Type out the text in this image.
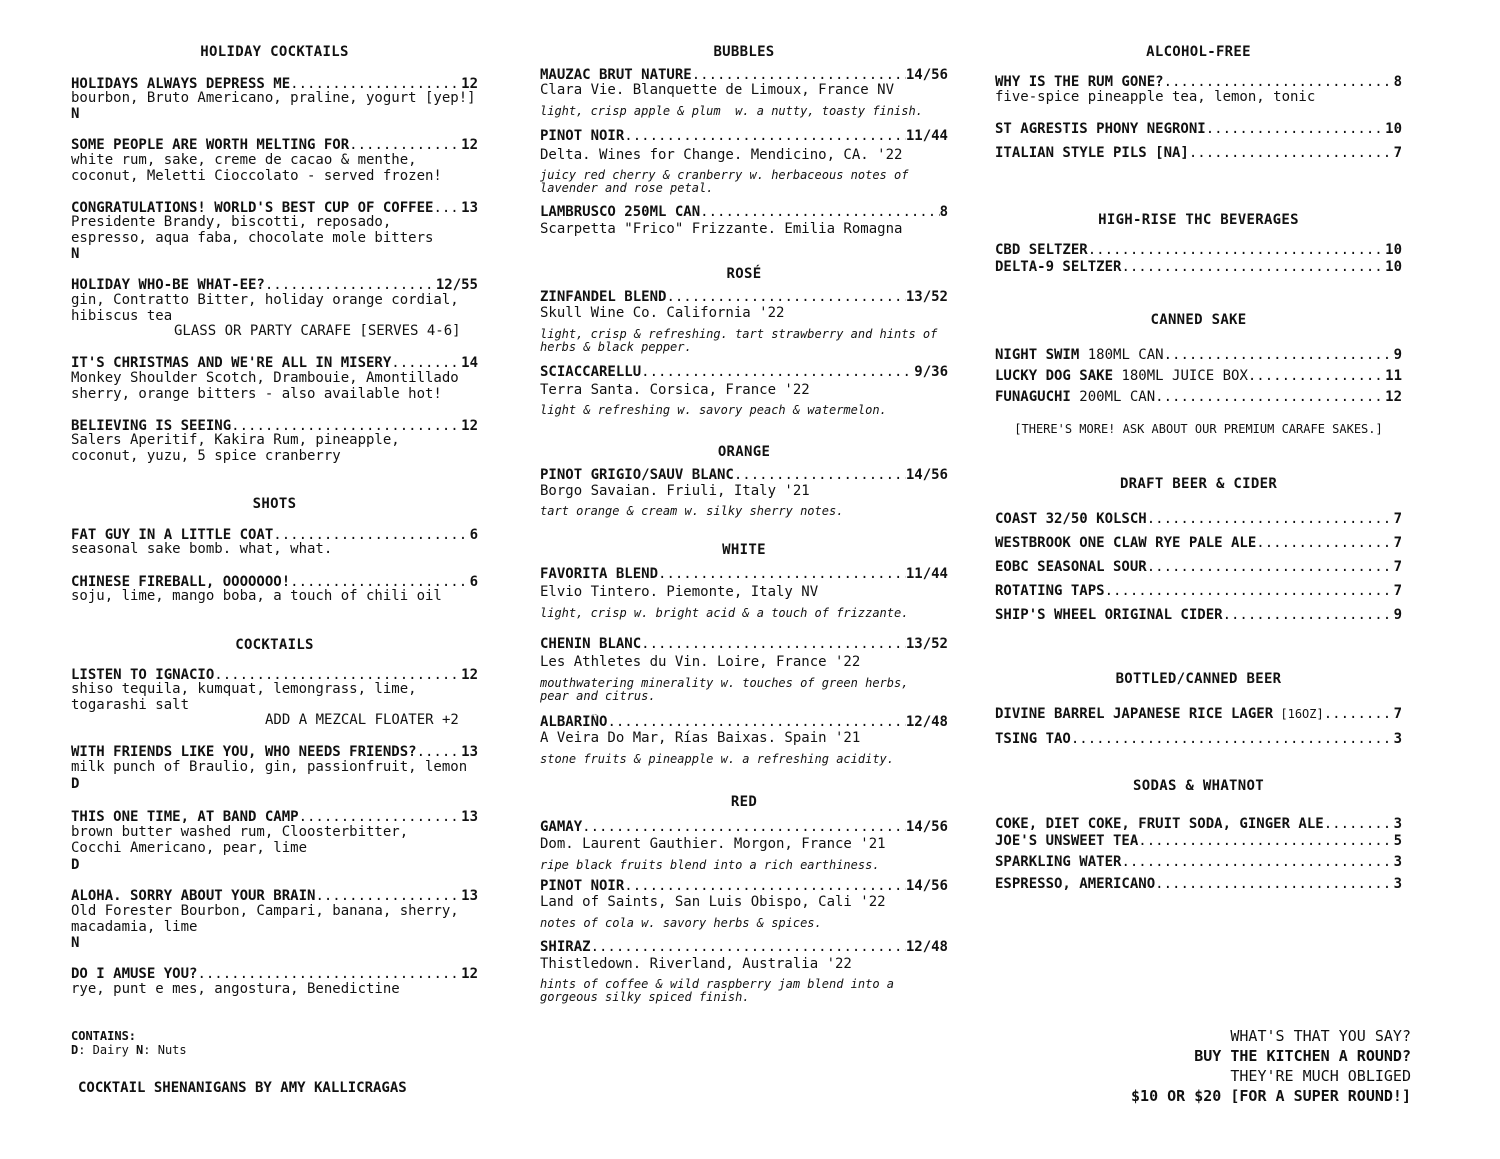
HOLIDAY COCKTAILS
HOLIDAYS ALWAYS DEPRESS ME .....	12
bourbon, Bruto Americano, praline, yogurt [yep!]
N
SOME PEOPLE ARE WORTH MELTING FOR .....	12
white rum, sake, creme de cacao & menthe,
coconut, Meletti Cioccolato - served frozen!
CONGRATULATIONS! WORLD'S BEST CUP OF COFFEE ..... 13
Presidente Brandy, biscotti, reposado,
espresso, aqua faba, chocolate mole bitters
N
HOLIDAY WHO-BE WHAT-EE? .....	12/55
gin, Contratto Bitter, holiday orange cordial,
hibiscus tea
GLASS OR PARTY CARAFE [SERVES 4-6]
IT'S CHRISTMAS AND WE'RE ALL IN MISERY .....	14
Monkey Shoulder Scotch, Drambouie, Amontillado
sherry, orange bitters - also available hot!
BELIEVING IS SEEING .....	12
Salers Aperitif, Kakira Rum, pineapple,
coconut, yuzu, 5 spice cranberry
SHOTS
FAT GUY IN A LITTLE COAT .....	6
seasonal sake bomb. what, what.
CHINESE FIREBALL, OOOOOOO! .....	6
soju, lime, mango boba, a touch of chili oil
COCKTAILS
LISTEN TO IGNACIO .....	12
shiso tequila, kumquat, lemongrass, lime,
togarashi salt
ADD A MEZCAL FLOATER +2
WITH FRIENDS LIKE YOU, WHO NEEDS FRIENDS? .....	13
milk punch of Braulio, gin, passionfruit, lemon
D
THIS ONE TIME, AT BAND CAMP .....	13
brown butter washed rum, Cloosterbitter,
Cocchi Americano, pear, lime
D
ALOHA. SORRY ABOUT YOUR BRAIN .....	13
Old Forester Bourbon, Campari, banana, sherry,
macadamia, lime
N
DO I AMUSE YOU? .....	12
rye, punt e mes, angostura, Benedictine
CONTAINS:
D: Dairy N: Nuts
COCKTAIL SHENANIGANS BY AMY KALLICRAGAS
BUBBLES
MAUZAC BRUT NATURE .....	14/56
Clara Vie. Blanquette de Limoux, France NV
light, crisp apple & plum  w. a nutty, toasty finish.
PINOT NOIR .....	11/44
Delta. Wines for Change. Mendicino, CA. '22
juicy red cherry & cranberry w. herbaceous notes of
lavender and rose petal.
LAMBRUSCO 250ML CAN .....	8
Scarpetta "Frico" Frizzante. Emilia Romagna
ROSÉ
ZINFANDEL BLEND .....	13/52
Skull Wine Co. California '22
light, crisp & refreshing. tart strawberry and hints of
herbs & black pepper.
SCIACCARELLU .....	9/36
Terra Santa. Corsica, France '22
light & refreshing w. savory peach & watermelon.
ORANGE
PINOT GRIGIO/SAUV BLANC .....	14/56
Borgo Savaian. Friuli, Italy '21
tart orange & cream w. silky sherry notes.
WHITE
FAVORITA BLEND .....	11/44
Elvio Tintero. Piemonte, Italy NV
light, crisp w. bright acid & a touch of frizzante.
CHENIN BLANC .....	13/52
Les Athletes du Vin. Loire, France '22
mouthwatering minerality w. touches of green herbs,
pear and citrus.
ALBARIÑO .....	12/48
A Veira Do Mar, Rías Baixas. Spain '21
stone fruits & pineapple w. a refreshing acidity.
RED
GAMAY .....	14/56
Dom. Laurent Gauthier. Morgon, France '21
ripe black fruits blend into a rich earthiness.
PINOT NOIR .....	14/56
Land of Saints, San Luis Obispo, Cali '22
notes of cola w. savory herbs & spices.
SHIRAZ .....	12/48
Thistledown. Riverland, Australia '22
hints of coffee & wild raspberry jam blend into a
gorgeous silky spiced finish.
ALCOHOL-FREE
WHY IS THE RUM GONE? .....	8
five-spice pineapple tea, lemon, tonic
ST AGRESTIS PHONY NEGRONI .....	10
ITALIAN STYLE PILS [NA] .....	7
HIGH-RISE THC BEVERAGES
CBD SELTZER .....	10
DELTA-9 SELTZER .....	10
CANNED SAKE
NIGHT SWIM 180ML CAN .....	9
LUCKY DOG SAKE 180ML JUICE BOX .....	11
FUNAGUCHI 200ML CAN .....	12
[THERE'S MORE! ASK ABOUT OUR PREMIUM CARAFE SAKES.]
DRAFT BEER & CIDER
COAST 32/50 KOLSCH .....	7
WESTBROOK ONE CLAW RYE PALE ALE .....	7
EOBC SEASONAL SOUR .....	7
ROTATING TAPS .....	7
SHIP'S WHEEL ORIGINAL CIDER .....	9
BOTTLED/CANNED BEER
DIVINE BARREL JAPANESE RICE LAGER [16OZ] .....	7
TSING TAO .....	3
SODAS & WHATNOT
COKE, DIET COKE, FRUIT SODA, GINGER ALE .....	3
JOE'S UNSWEET TEA .....	5
SPARKLING WATER .....	3
ESPRESSO, AMERICANO .....	3
WHAT'S THAT YOU SAY?
BUY THE KITCHEN A ROUND?
THEY'RE MUCH OBLIGED
$10 OR $20 [FOR A SUPER ROUND!]
